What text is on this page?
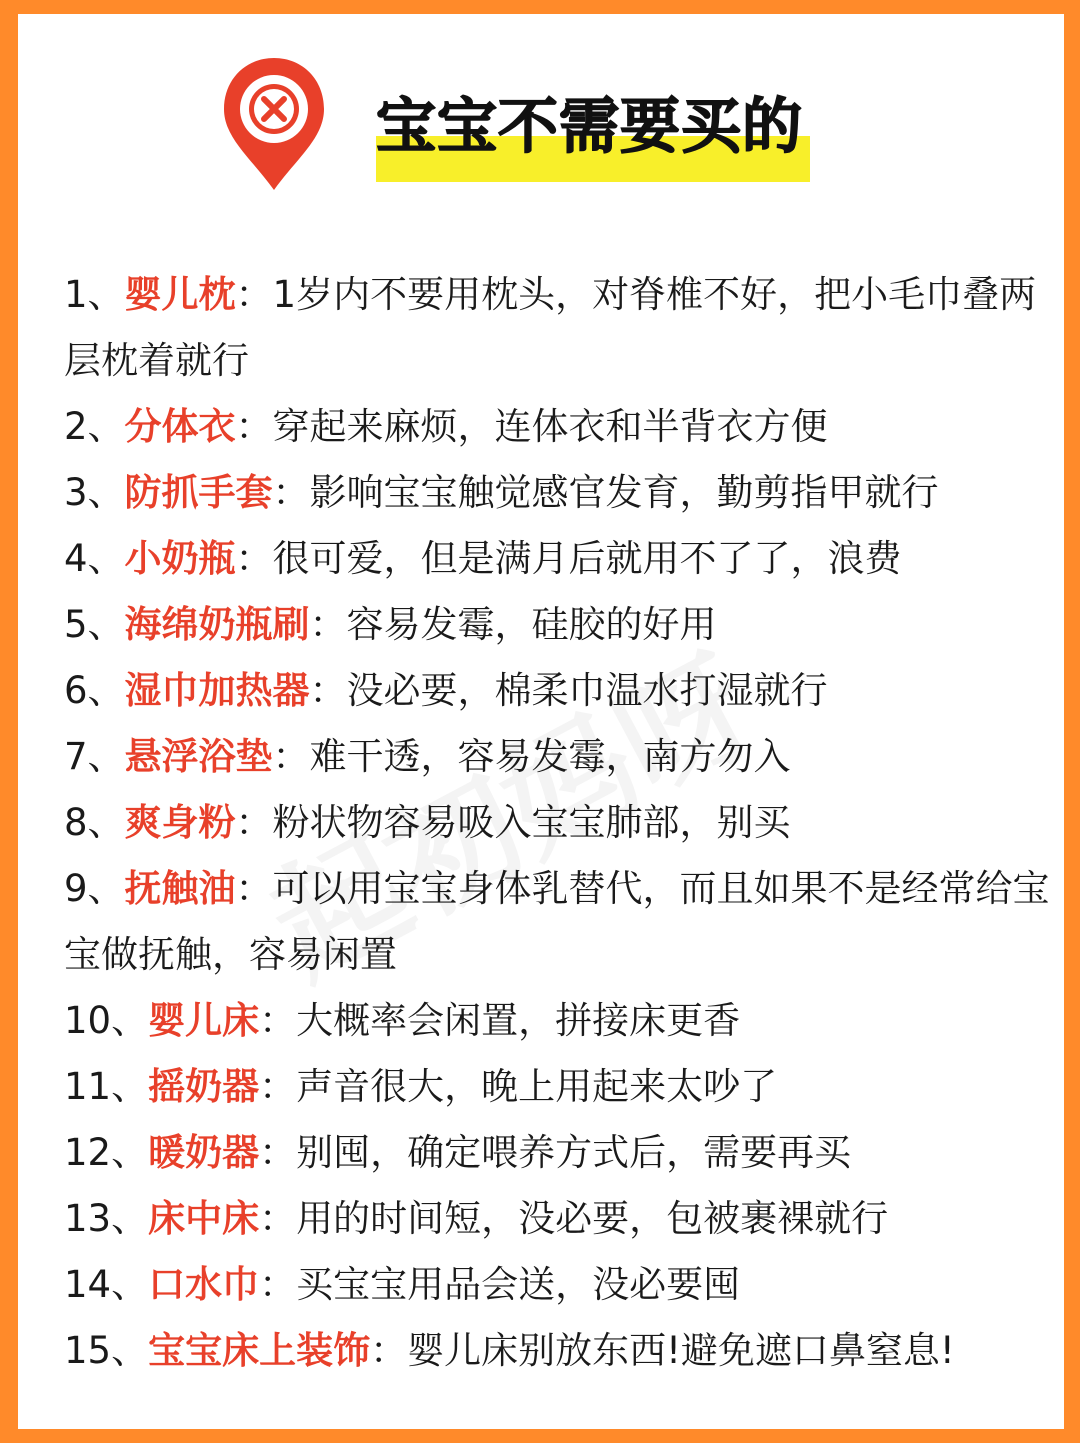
宝宝不需要买的
1、婴儿枕：1岁内不要用枕头，对脊椎不好，把小毛巾叠两层枕着就行
2、分体衣：穿起来麻烦，连体衣和半背衣方便
3、防抓手套：影响宝宝触觉感官发育，勤剪指甲就行
4、小奶瓶：很可爱，但是满月后就用不了了，浪费
5、海绵奶瓶刷：容易发霉，硅胶的好用
6、湿巾加热器：没必要，棉柔巾温水打湿就行
7、悬浮浴垫：难干透，容易发霉，南方勿入
8、爽身粉：粉状物容易吸入宝宝肺部，别买
9、抚触油：可以用宝宝身体乳替代，而且如果不是经常给宝宝做抚触，容易闲置
10、婴儿床：大概率会闲置，拼接床更香
11、摇奶器：声音很大，晚上用起来太吵了
12、暖奶器：别囤，确定喂养方式后，需要再买
13、床中床：用的时间短，没必要，包被裹裸就行
14、口水巾：买宝宝用品会送，没必要囤
15、宝宝床上装饰：婴儿床别放东西!避免遮口鼻窒息!
